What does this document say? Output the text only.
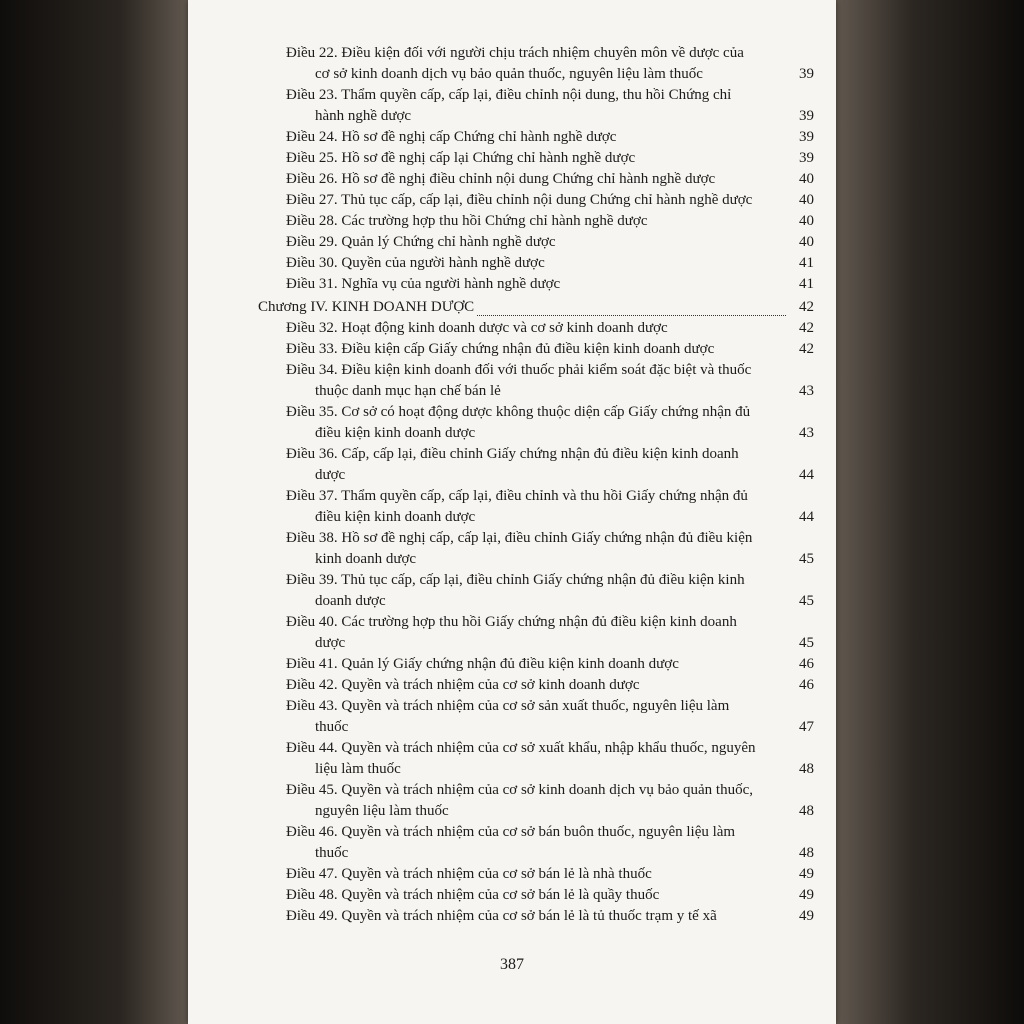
Điều 22. Điều kiện đối với người chịu trách nhiệm chuyên môn về dược của
cơ sở kinh doanh dịch vụ bảo quản thuốc, nguyên liệu làm thuốc	39
Điều 23. Thẩm quyền cấp, cấp lại, điều chỉnh nội dung, thu hồi Chứng chỉ
hành nghề dược	39
Điều 24. Hồ sơ đề nghị cấp Chứng chỉ hành nghề dược	39
Điều 25. Hồ sơ đề nghị cấp lại Chứng chỉ hành nghề dược	39
Điều 26. Hồ sơ đề nghị điều chỉnh nội dung Chứng chỉ hành nghề dược	40
Điều 27. Thủ tục cấp, cấp lại, điều chỉnh nội dung Chứng chỉ hành nghề dược	40
Điều 28. Các trường hợp thu hồi Chứng chỉ hành nghề dược	40
Điều 29. Quản lý Chứng chỉ hành nghề dược	40
Điều 30. Quyền của người hành nghề dược	41
Điều 31. Nghĩa vụ của người hành nghề dược	41
Chương IV. KINH DOANH DƯỢC	42
Điều 32. Hoạt động kinh doanh dược và cơ sở kinh doanh dược	42
Điều 33. Điều kiện cấp Giấy chứng nhận đủ điều kiện kinh doanh dược	42
Điều 34. Điều kiện kinh doanh đối với thuốc phải kiểm soát đặc biệt và thuốc
thuộc danh mục hạn chế bán lẻ	43
Điều 35. Cơ sở có hoạt động dược không thuộc diện cấp Giấy chứng nhận đủ
điều kiện kinh doanh dược	43
Điều 36. Cấp, cấp lại, điều chỉnh Giấy chứng nhận đủ điều kiện kinh doanh
dược	44
Điều 37. Thẩm quyền cấp, cấp lại, điều chỉnh và thu hồi Giấy chứng nhận đủ
điều kiện kinh doanh dược	44
Điều 38. Hồ sơ đề nghị cấp, cấp lại, điều chỉnh Giấy chứng nhận đủ điều kiện
kinh doanh dược	45
Điều 39. Thủ tục cấp, cấp lại, điều chỉnh Giấy chứng nhận đủ điều kiện kinh
doanh dược	45
Điều 40. Các trường hợp thu hồi Giấy chứng nhận đủ điều kiện kinh doanh
dược	45
Điều 41. Quản lý Giấy chứng nhận đủ điều kiện kinh doanh dược	46
Điều 42. Quyền và trách nhiệm của cơ sở kinh doanh dược	46
Điều 43. Quyền và trách nhiệm của cơ sở sản xuất thuốc, nguyên liệu làm
thuốc	47
Điều 44. Quyền và trách nhiệm của cơ sở xuất khẩu, nhập khẩu thuốc, nguyên
liệu làm thuốc	48
Điều 45. Quyền và trách nhiệm của cơ sở kinh doanh dịch vụ bảo quản thuốc,
nguyên liệu làm thuốc	48
Điều 46. Quyền và trách nhiệm của cơ sở bán buôn thuốc, nguyên liệu làm
thuốc	48
Điều 47. Quyền và trách nhiệm của cơ sở bán lẻ là nhà thuốc	49
Điều 48. Quyền và trách nhiệm của cơ sở bán lẻ là quầy thuốc	49
Điều 49. Quyền và trách nhiệm của cơ sở bán lẻ là tủ thuốc trạm y tế xã	49
387
